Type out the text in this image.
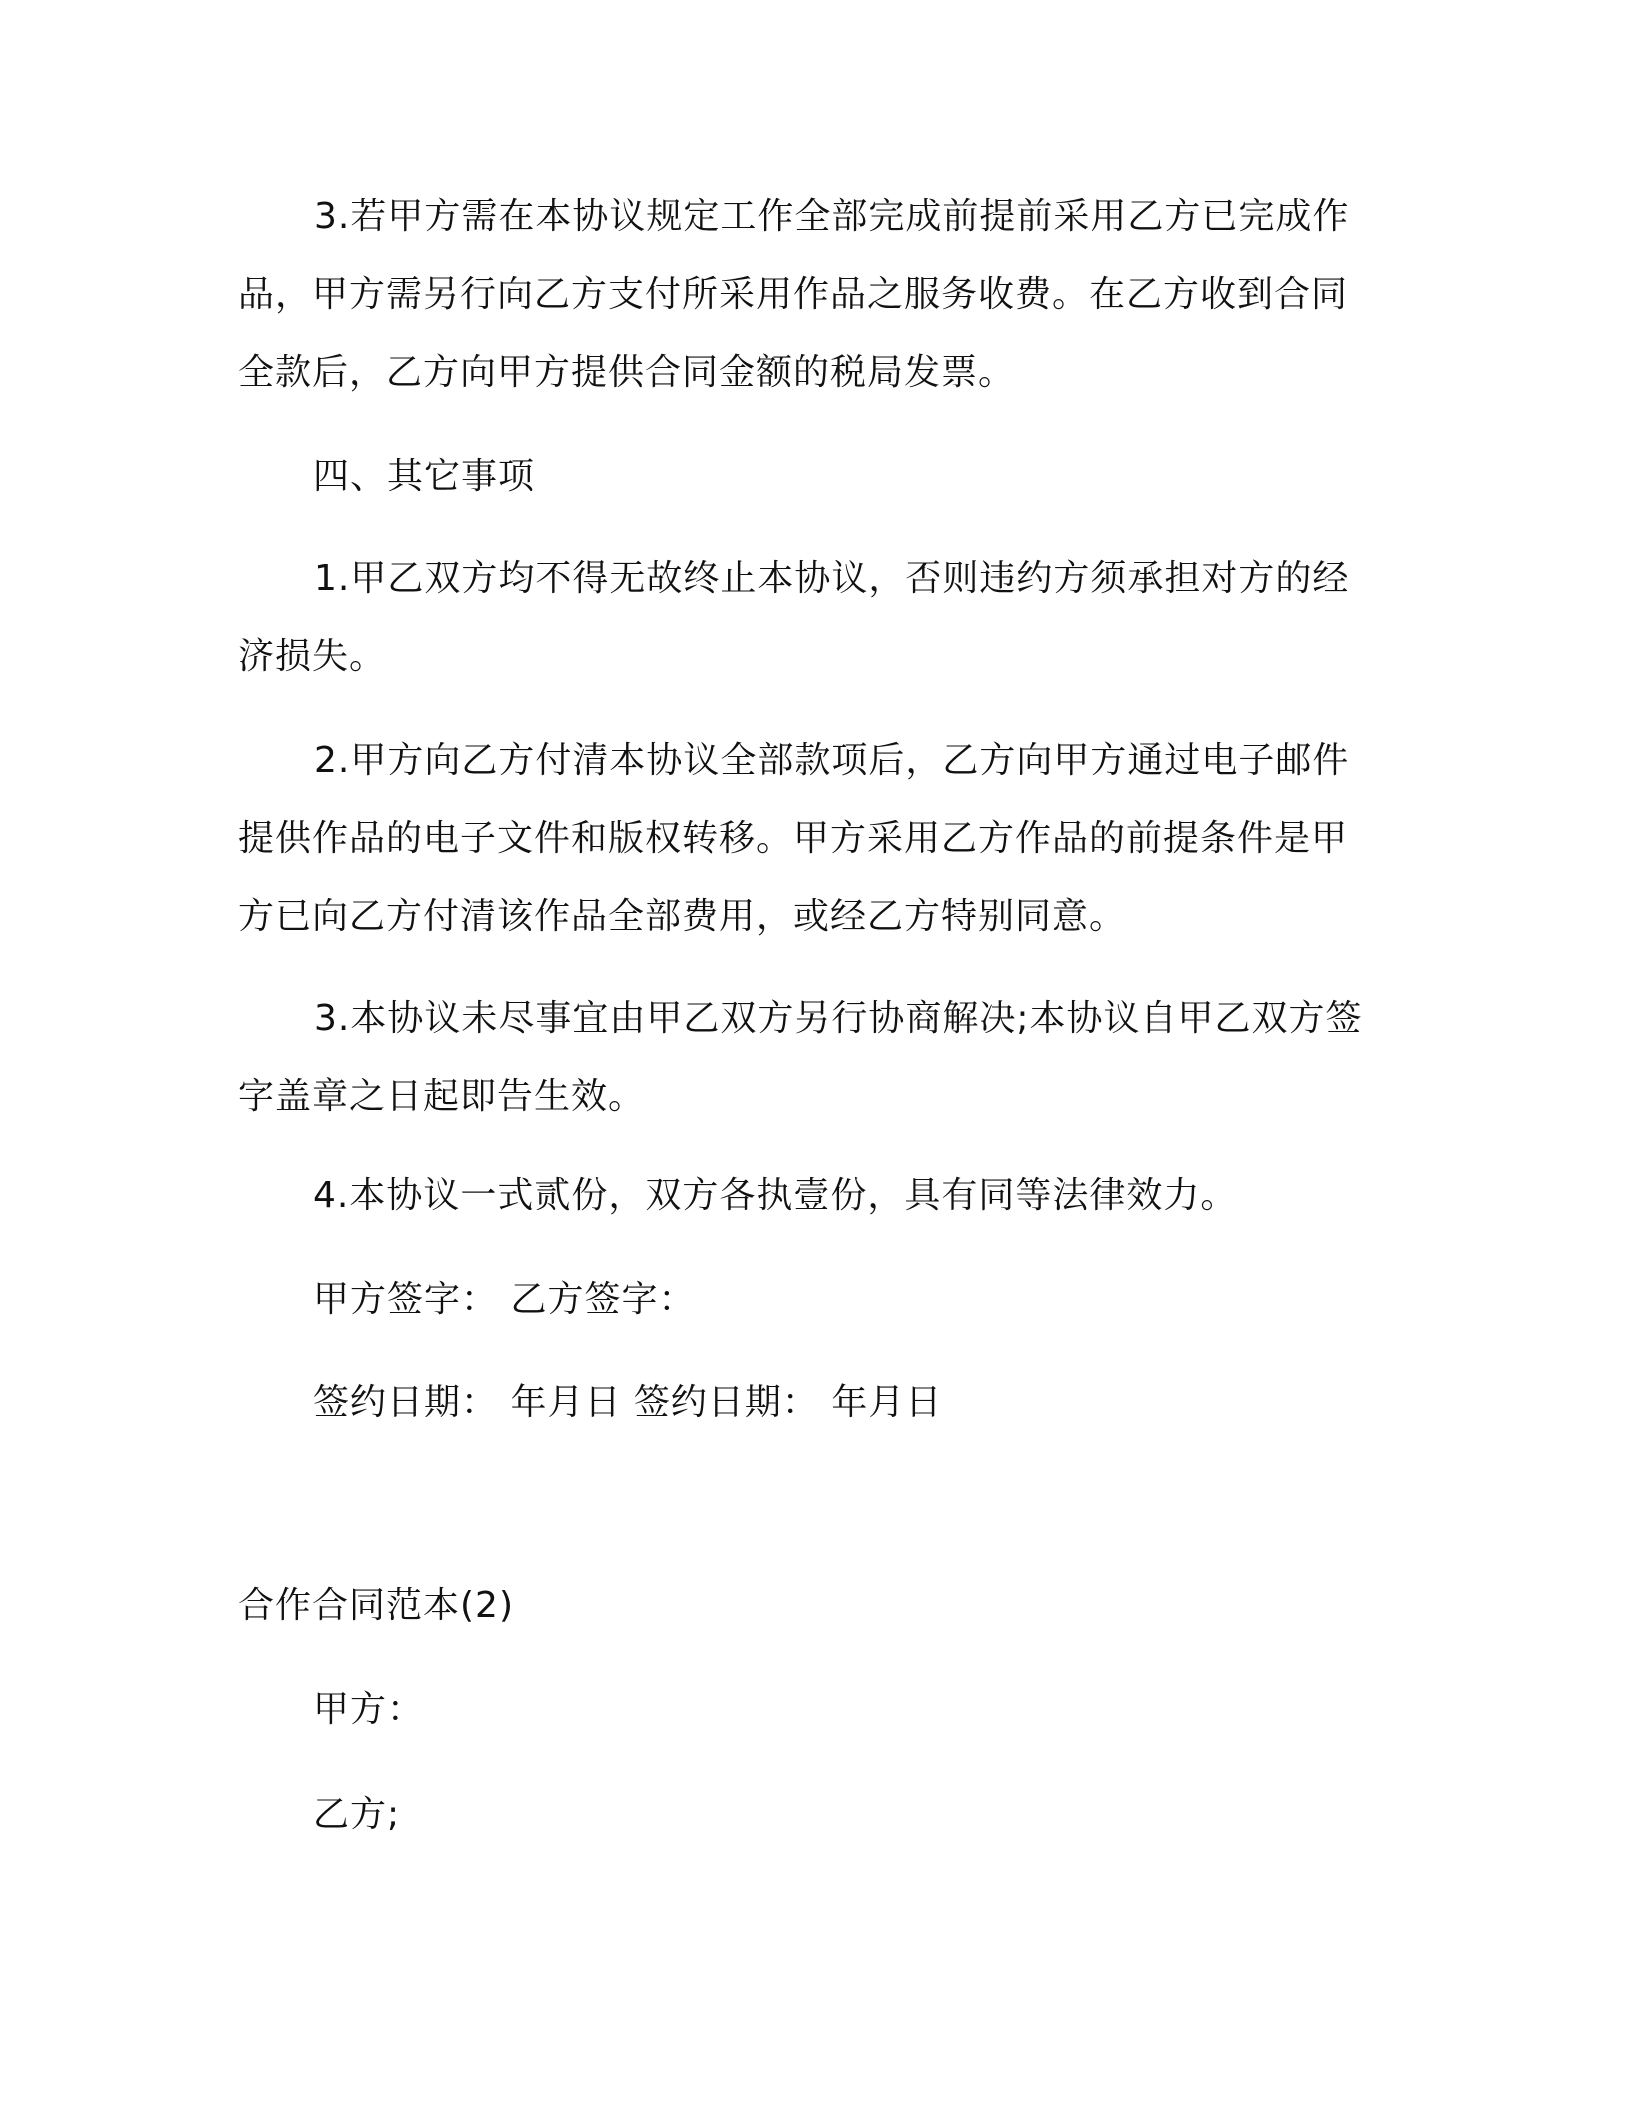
3.若甲方需在本协议规定工作全部完成前提前采用乙方已完成作品，甲方需另行向乙方支付所采用作品之服务收费。在乙方收到合同全款后，乙方向甲方提供合同金额的税局发票。

四、其它事项

1.甲乙双方均不得无故终止本协议，否则违约方须承担对方的经济损失。

2.甲方向乙方付清本协议全部款项后，乙方向甲方通过电子邮件提供作品的电子文件和版权转移。甲方采用乙方作品的前提条件是甲方已向乙方付清该作品全部费用，或经乙方特别同意。

3.本协议未尽事宜由甲乙双方另行协商解决;本协议自甲乙双方签字盖章之日起即告生效。

4.本协议一式贰份，双方各执壹份，具有同等法律效力。

甲方签字： 乙方签字：

签约日期： 年月日 签约日期： 年月日

合作合同范本(2)

甲方：

乙方;
